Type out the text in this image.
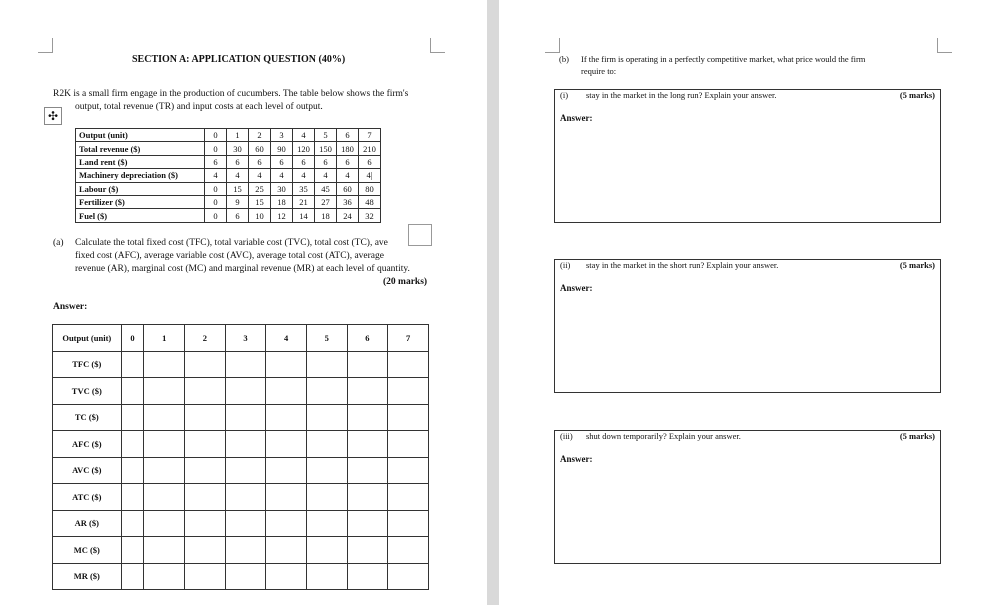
SECTION A: APPLICATION QUESTION (40%)
R2K is a small firm engage in the production of cucumbers. The table below shows the firm's
output, total revenue (TR) and input costs at each level of output.
✣
Output (unit)	0	1	2	3	4	5	6	7
Total revenue ($)	0	30	60	90	120	150	180	210
Land rent ($)	6	6	6	6	6	6	6	6
Machinery depreciation ($)	4	4	4	4	4	4	4	4|
Labour ($)	0	15	25	30	35	45	60	80
Fertilizer ($)	0	9	15	18	21	27	36	48
Fuel ($)	0	6	10	12	14	18	24	32
(a) Calculate the total fixed cost (TFC), total variable cost (TVC), total cost (TC), ave
fixed cost (AFC), average variable cost (AVC), average total cost (ATC), average
revenue (AR), marginal cost (MC) and marginal revenue (MR) at each level of quantity.
(20 marks)
Answer:
Output (unit)	0	1	2	3	4	5	6	7
TFC ($)								
TVC ($)								
TC ($)								
AFC ($)								
AVC ($)								
ATC ($)								
AR ($)								
MC ($)								
MR ($)								
(b) If the firm is operating in a perfectly competitive market, what price would the firm
require to:
(i) stay in the market in the long run? Explain your answer.	(5 marks)
Answer:
(ii) stay in the market in the short run? Explain your answer.	(5 marks)
Answer:
(iii) shut down temporarily? Explain your answer.	(5 marks)
Answer:
